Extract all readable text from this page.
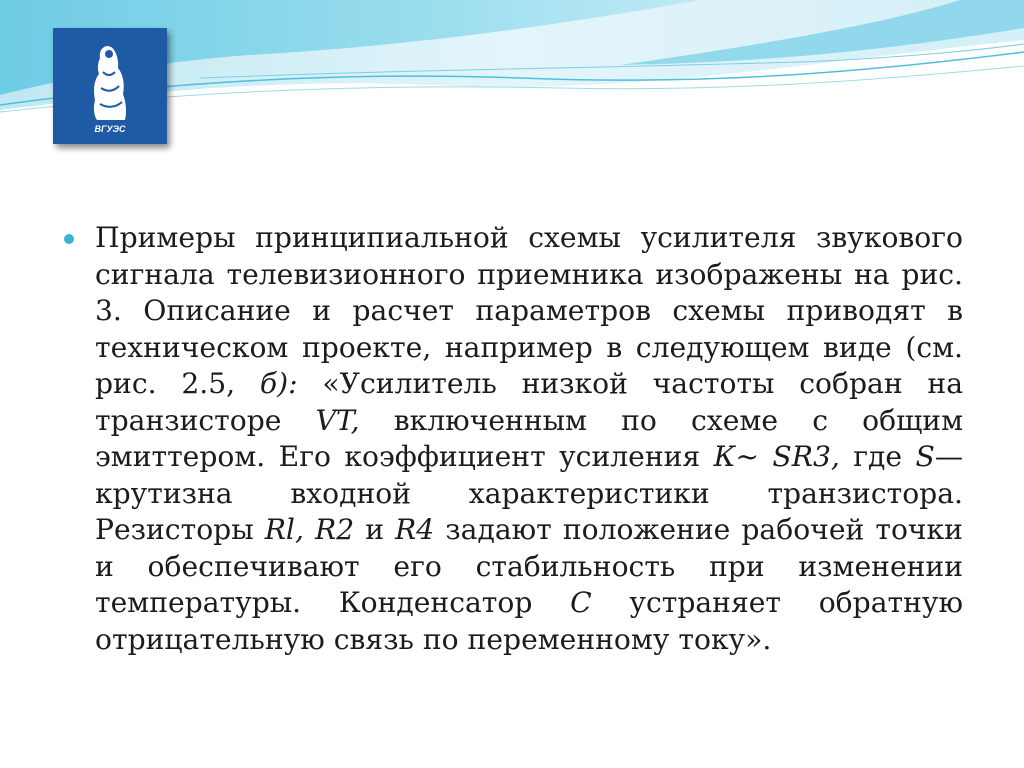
ВГУЭС

Примеры принципиальной схемы усилителя звукового сигнала телевизионного приемника изображены на рис. 3. Описание и расчет параметров схемы приводят в техническом проекте, например в следующем виде (см. рис. 2.5, б): «Усилитель низкой частоты собран на транзисторе VT, включенным по схеме с общим эмиттером. Его коэффициент усиления К~ SR3, где S— крутизна входной характеристики транзистора. Резисторы Rl, R2 и R4 задают положение рабочей точки и обеспечивают его стабильность при изменении температуры. Конденсатор С устраняет обратную отрицательную связь по переменному току».
